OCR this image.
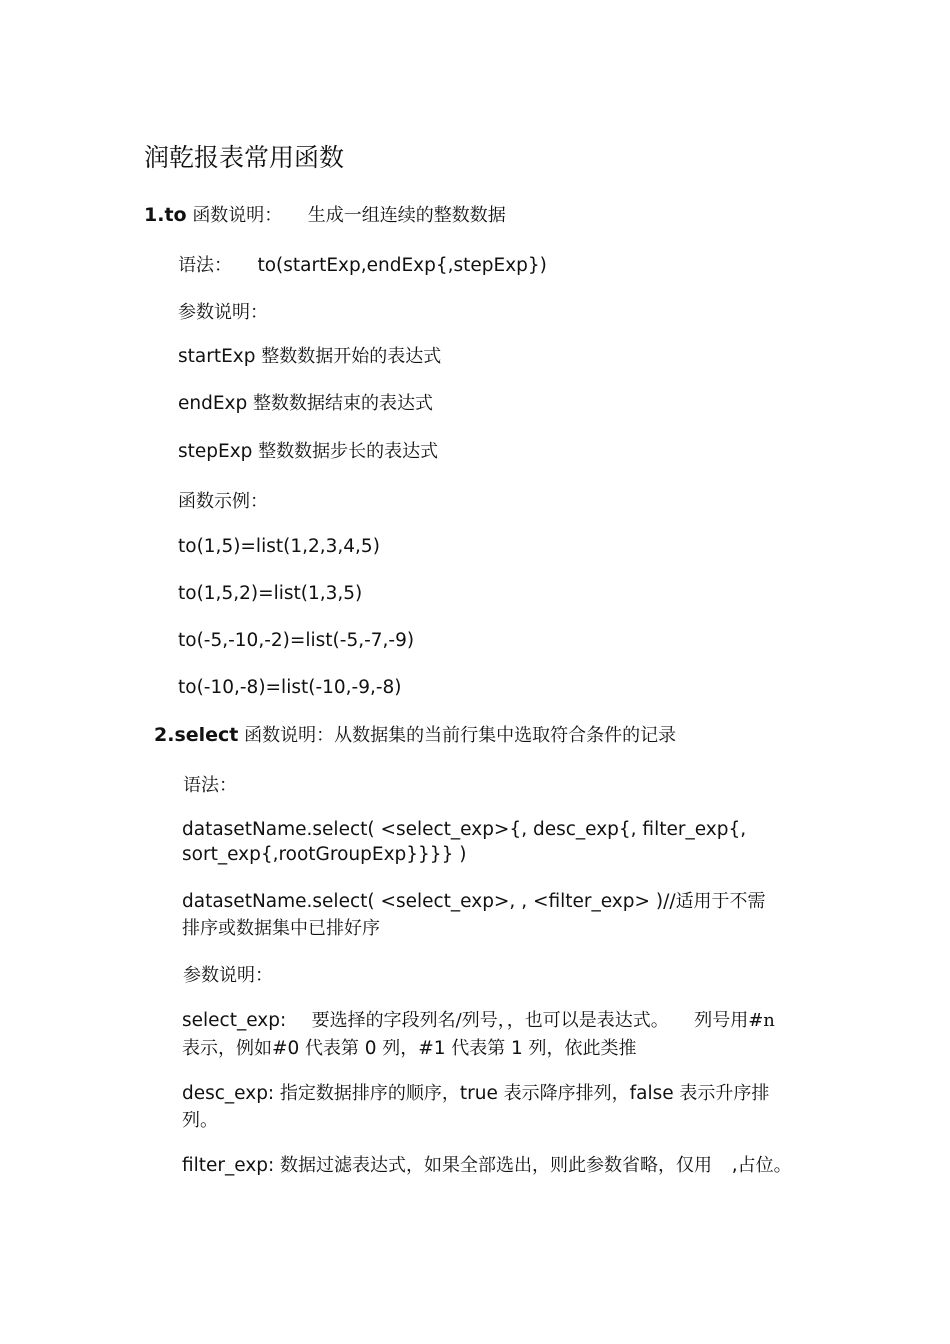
润乾报表常用函数
1.to 函数说明： 生成一组连续的整数数据
语法： to(startExp,endExp{,stepExp})
参数说明：
startExp 整数数据开始的表达式
endExp 整数数据结束的表达式
stepExp 整数数据步长的表达式
函数示例：
to(1,5)=list(1,2,3,4,5)
to(1,5,2)=list(1,3,5)
to(-5,-10,-2)=list(-5,-7,-9)
to(-10,-8)=list(-10,-9,-8)
2.select 函数说明：从数据集的当前行集中选取符合条件的记录
语法：
datasetName.select( <select_exp>{, desc_exp{, filter_exp{,
sort_exp{,rootGroupExp}}}} )
datasetName.select( <select_exp>, , <filter_exp> )//适用于不需
排序或数据集中已排好序
参数说明：
select_exp: 要选择的字段列名/列号，，也可以是表达式。 列号用#n
表示，例如#0 代表第 0 列，#1 代表第 1 列，依此类推
desc_exp: 指定数据排序的顺序，true 表示降序排列，false 表示升序排
列。
filter_exp: 数据过滤表达式，如果全部选出，则此参数省略，仅用 ,占位。
